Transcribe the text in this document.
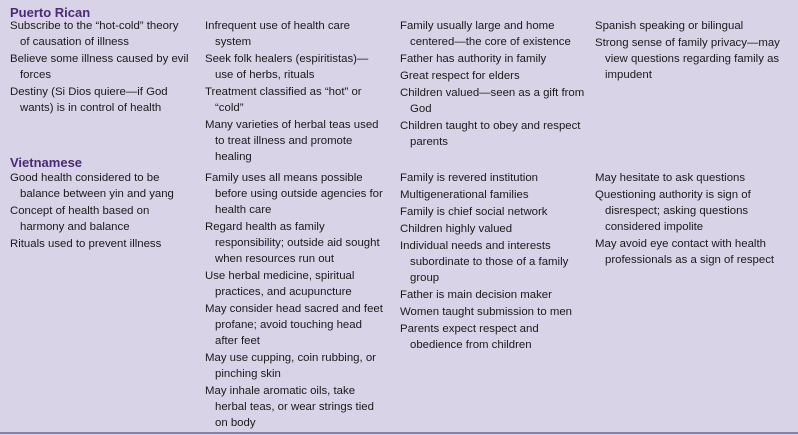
Puerto Rican
Subscribe to the “hot-cold” theory of causation of illness
Believe some illness caused by evil forces
Destiny (Si Dios quiere—if God wants) is in control of health
Infrequent use of health care system
Seek folk healers (espiritistas)—use of herbs, rituals
Treatment classified as “hot” or “cold”
Many varieties of herbal teas used to treat illness and promote healing
Family usually large and home centered—the core of existence
Father has authority in family
Great respect for elders
Children valued—seen as a gift from God
Children taught to obey and respect parents
Spanish speaking or bilingual
Strong sense of family privacy—may view questions regarding family as impudent
Vietnamese
Good health considered to be balance between yin and yang
Concept of health based on harmony and balance
Rituals used to prevent illness
Family uses all means possible before using outside agencies for health care
Regard health as family responsibility; outside aid sought when resources run out
Use herbal medicine, spiritual practices, and acupuncture
May consider head sacred and feet profane; avoid touching head after feet
May use cupping, coin rubbing, or pinching skin
May inhale aromatic oils, take herbal teas, or wear strings tied on body
Family is revered institution
Multigenerational families
Family is chief social network
Children highly valued
Individual needs and interests subordinate to those of a family group
Father is main decision maker
Women taught submission to men
Parents expect respect and obedience from children
May hesitate to ask questions
Questioning authority is sign of disrespect; asking questions considered impolite
May avoid eye contact with health professionals as a sign of respect
